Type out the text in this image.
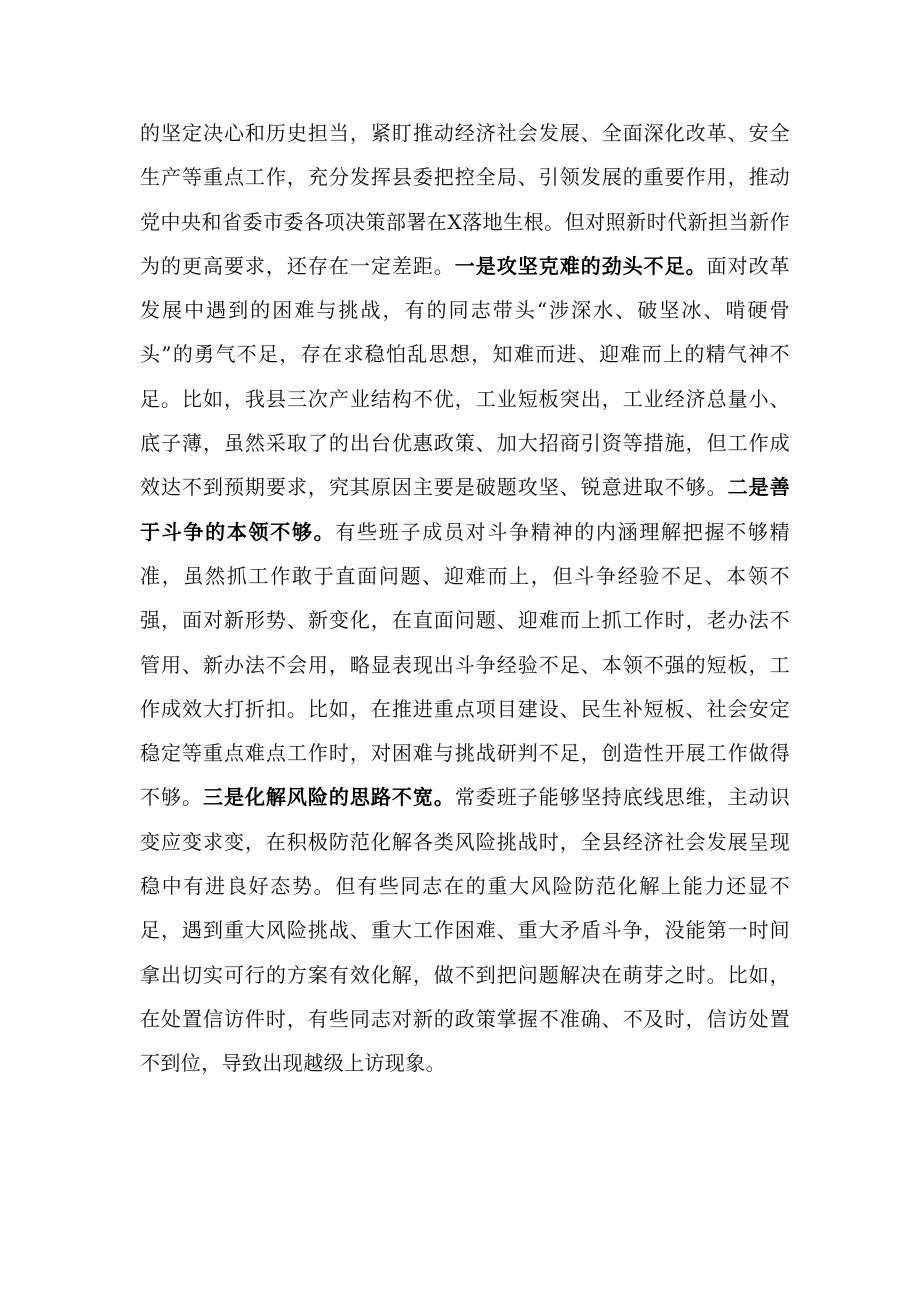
的坚定决心和历史担当，紧盯推动经济社会发展、全面深化改革、安全生产等重点工作，充分发挥县委把控全局、引领发展的重要作用，推动党中央和省委市委各项决策部署在X落地生根。但对照新时代新担当新作为的更高要求，还存在一定差距。一是攻坚克难的劲头不足。面对改革发展中遇到的困难与挑战，有的同志带头“涉深水、破坚冰、啃硬骨头”的勇气不足，存在求稳怕乱思想，知难而进、迎难而上的精气神不足。比如，我县三次产业结构不优，工业短板突出，工业经济总量小、底子薄，虽然采取了的出台优惠政策、加大招商引资等措施，但工作成效达不到预期要求，究其原因主要是破题攻坚、锐意进取不够。二是善于斗争的本领不够。有些班子成员对斗争精神的内涵理解把握不够精准，虽然抓工作敢于直面问题、迎难而上，但斗争经验不足、本领不强，面对新形势、新变化，在直面问题、迎难而上抓工作时，老办法不管用、新办法不会用，略显表现出斗争经验不足、本领不强的短板，工作成效大打折扣。比如，在推进重点项目建设、民生补短板、社会安定稳定等重点难点工作时，对困难与挑战研判不足，创造性开展工作做得不够。三是化解风险的思路不宽。常委班子能够坚持底线思维，主动识变应变求变，在积极防范化解各类风险挑战时，全县经济社会发展呈现稳中有进良好态势。但有些同志在的重大风险防范化解上能力还显不足，遇到重大风险挑战、重大工作困难、重大矛盾斗争，没能第一时间拿出切实可行的方案有效化解，做不到把问题解决在萌芽之时。比如，在处置信访件时，有些同志对新的政策掌握不准确、不及时，信访处置不到位，导致出现越级上访现象。
